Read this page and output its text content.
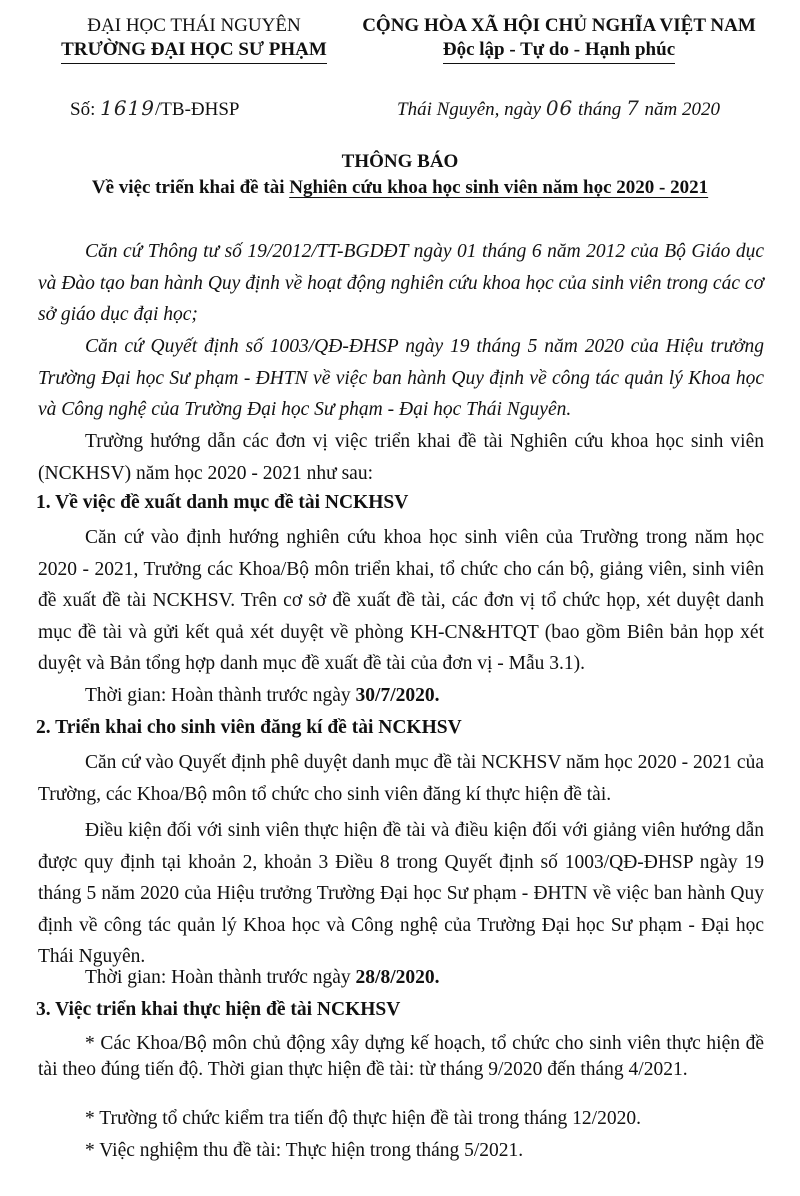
ĐẠI HỌC THÁI NGUYÊN
TRƯỜNG ĐẠI HỌC SƯ PHẠM
CỘNG HÒA XÃ HỘI CHỦ NGHĨA VIỆT NAM
Độc lập - Tự do - Hạnh phúc
Số: 1619/TB-ĐHSP	Thái Nguyên, ngày 06 tháng 7 năm 2020
THÔNG BÁO
Về việc triển khai đề tài Nghiên cứu khoa học sinh viên năm học 2020 - 2021
Căn cứ Thông tư số 19/2012/TT-BGDĐT ngày 01 tháng 6 năm 2012 của Bộ Giáo dục và Đào tạo ban hành Quy định về hoạt động nghiên cứu khoa học của sinh viên trong các cơ sở giáo dục đại học;
Căn cứ Quyết định số 1003/QĐ-ĐHSP ngày 19 tháng 5 năm 2020 của Hiệu trưởng Trường Đại học Sư phạm - ĐHTN về việc ban hành Quy định về công tác quản lý Khoa học và Công nghệ của Trường Đại học Sư phạm - Đại học Thái Nguyên.
Trường hướng dẫn các đơn vị việc triển khai đề tài Nghiên cứu khoa học sinh viên (NCKHSV) năm học 2020 - 2021 như sau:
1. Về việc đề xuất danh mục đề tài NCKHSV
Căn cứ vào định hướng nghiên cứu khoa học sinh viên của Trường trong năm học 2020 - 2021, Trưởng các Khoa/Bộ môn triển khai, tổ chức cho cán bộ, giảng viên, sinh viên đề xuất đề tài NCKHSV. Trên cơ sở đề xuất đề tài, các đơn vị tổ chức họp, xét duyệt danh mục đề tài và gửi kết quả xét duyệt về phòng KH-CN&HTQT (bao gồm Biên bản họp xét duyệt và Bản tổng hợp danh mục đề xuất đề tài của đơn vị - Mẫu 3.1).
Thời gian: Hoàn thành trước ngày 30/7/2020.
2. Triển khai cho sinh viên đăng kí đề tài NCKHSV
Căn cứ vào Quyết định phê duyệt danh mục đề tài NCKHSV năm học 2020 - 2021 của Trường, các Khoa/Bộ môn tổ chức cho sinh viên đăng kí thực hiện đề tài.
Điều kiện đối với sinh viên thực hiện đề tài và điều kiện đối với giảng viên hướng dẫn được quy định tại khoản 2, khoản 3 Điều 8 trong Quyết định số 1003/QĐ-ĐHSP ngày 19 tháng 5 năm 2020 của Hiệu trưởng Trường Đại học Sư phạm - ĐHTN về việc ban hành Quy định về công tác quản lý Khoa học và Công nghệ của Trường Đại học Sư phạm - Đại học Thái Nguyên.
Thời gian: Hoàn thành trước ngày 28/8/2020.
3. Việc triển khai thực hiện đề tài NCKHSV
* Các Khoa/Bộ môn chủ động xây dựng kế hoạch, tổ chức cho sinh viên thực hiện đề tài theo đúng tiến độ. Thời gian thực hiện đề tài: từ tháng 9/2020 đến tháng 4/2021.
* Trường tổ chức kiểm tra tiến độ thực hiện đề tài trong tháng 12/2020.
* Việc nghiệm thu đề tài: Thực hiện trong tháng 5/2021.
